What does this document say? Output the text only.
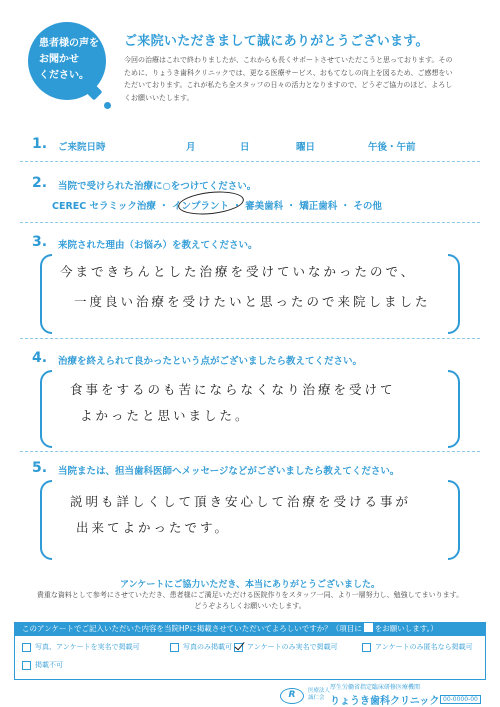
患者様の声を
お聞かせ
ください。
ご来院いただきまして誠にありがとうございます。
今回の治療はこれで終わりましたが、これからも長くサポートさせていただこうと思っております。そのために、りょうき歯科クリニックでは、更なる医療サービス、おもてなしの向上を図るため、ご感想をいただいております。これが私たち全スタッフの日々の活力となりますので、どうぞご協力のほど、よろしくお願いいたします。
1. ご来院日時	月	日	曜日	午後・午前
2. 当院で受けられた治療に○をつけてください。
CEREC セラミック治療 ・ インプラント ・ 審美歯科 ・ 矯正歯科 ・ その他
3. 来院された理由（お悩み）を教えてください。
今まできちんとした治療を受けていなかったので、
一度良い治療を受けたいと思ったので来院しました
4. 治療を終えられて良かったという点がございましたら教えてください。
食事をするのも苦にならなくなり治療を受けて
よかったと思いました。
5. 当院または、担当歯科医師へメッセージなどがございましたら教えてください。
説明も詳しくして頂き安心して治療を受ける事が
出来てよかったです。
アンケートにご協力いただき、本当にありがとうございました。
貴重な資料として参考にさせていただき、患者様にご満足いただける医院作りをスタッフ一同、より一層努力し、勉強してまいります。
どうぞよろしくお願いいたします。
このアンケートでご記入いただいた内容を当院HPに掲載させていただいてよろしいですか？（項目に をお願いします。）
写真、アンケートを実名で掲載可	写真のみ掲載可 アンケートのみ実名で掲載可	アンケートのみ匿名なら掲載可
掲載不可
R	医療法人
誠仁会
厚生労働省指定臨床研修医療機関
りょうき歯科クリニック 00-0000-00
